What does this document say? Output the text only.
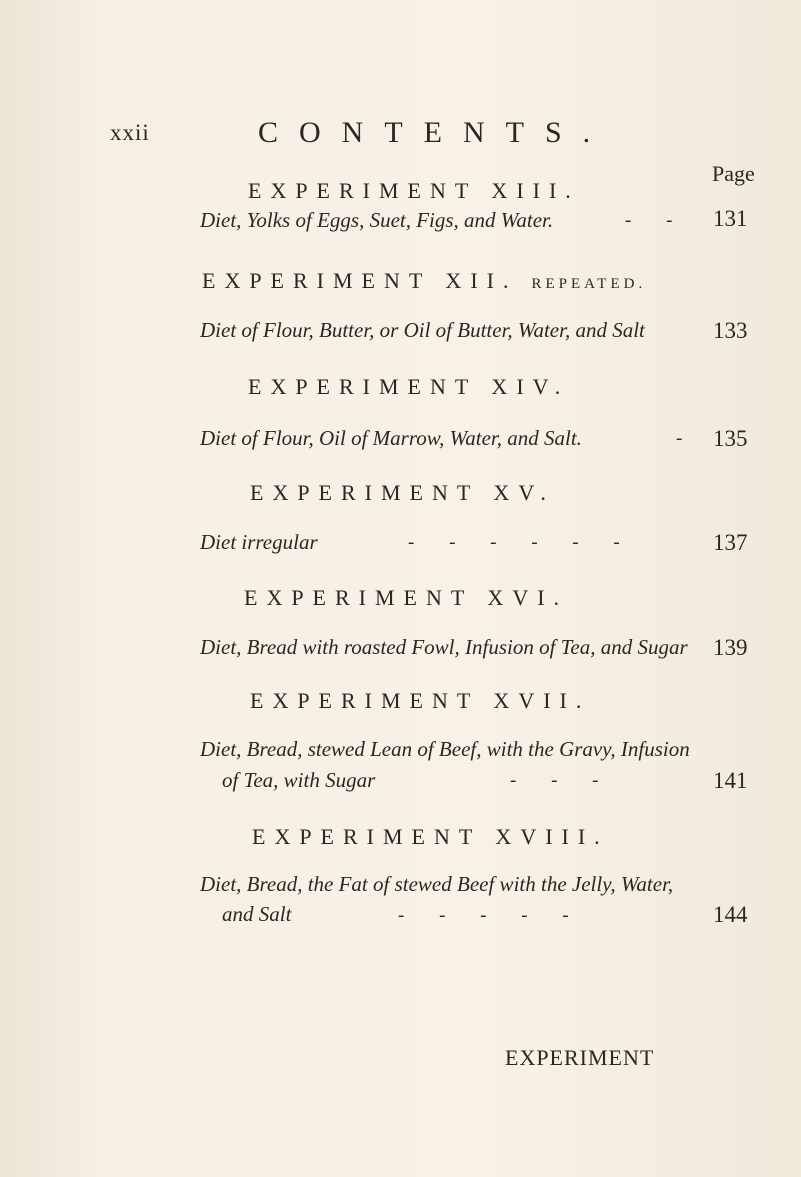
xxii	CONTENTS.
EXPERIMENT XIII.
Page
Diet, Yolks of Eggs, Suet, Figs, and Water.	- - 131
EXPERIMENT XII. REPEATED.
Diet of Flour, Butter, or Oil of Butter, Water, and Salt	133
EXPERIMENT XIV.
Diet of Flour, Oil of Marrow, Water, and Salt.	- 135
EXPERIMENT XV.
Diet irregular	- - - - - -	137
EXPERIMENT XVI.
Diet, Bread with roasted Fowl, Infusion of Tea, and Sugar 139
EXPERIMENT XVII.
Diet, Bread, stewed Lean of Beef, with the Gravy, Infusion
of Tea, with Sugar	- - -	141
EXPERIMENT XVIII.
Diet, Bread, the Fat of stewed Beef with the Jelly, Water,
and Salt	- - - - -	144
EXPERIMENT
